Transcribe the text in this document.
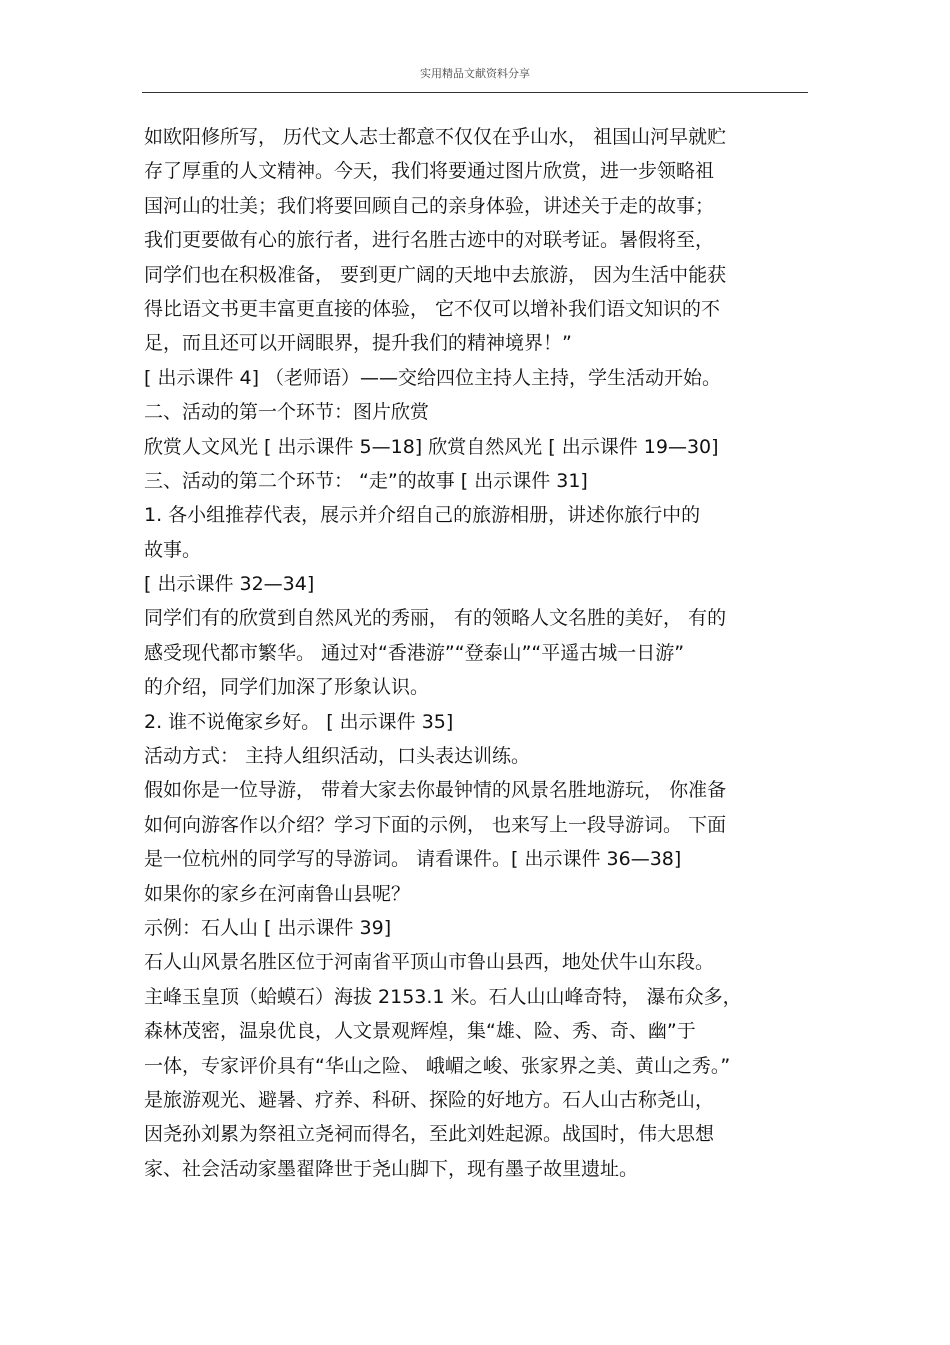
实用精品文献资料分享
如欧阳修所写， 历代文人志士都意不仅仅在乎山水， 祖国山河早就贮
存了厚重的人文精神。今天，我们将要通过图片欣赏，进一步领略祖
国河山的壮美；我们将要回顾自己的亲身体验，讲述关于走的故事；
我们更要做有心的旅行者，进行名胜古迹中的对联考证。暑假将至，
同学们也在积极准备， 要到更广阔的天地中去旅游， 因为生活中能获
得比语文书更丰富更直接的体验， 它不仅可以增补我们语文知识的不
足，而且还可以开阔眼界，提升我们的精神境界！”
[ 出示课件 4] （老师语）——交给四位主持人主持，学生活动开始。
二、活动的第一个环节：图片欣赏
欣赏人文风光 [ 出示课件 5—18] 欣赏自然风光 [ 出示课件 19—30]
三、活动的第二个环节： “走”的故事 [ 出示课件 31]
1. 各小组推荐代表，展示并介绍自己的旅游相册，讲述你旅行中的
故事。
[ 出示课件 32—34]
同学们有的欣赏到自然风光的秀丽， 有的领略人文名胜的美好， 有的
感受现代都市繁华。 通过对“香港游”“登泰山”“平遥古城一日游”
的介绍，同学们加深了形象认识。
2. 谁不说俺家乡好。 [ 出示课件 35]
活动方式： 主持人组织活动，口头表达训练。
假如你是一位导游， 带着大家去你最钟情的风景名胜地游玩， 你准备
如何向游客作以介绍？学习下面的示例， 也来写上一段导游词。 下面
是一位杭州的同学写的导游词。 请看课件。[ 出示课件 36—38]
如果你的家乡在河南鲁山县呢？
示例：石人山 [ 出示课件 39]
石人山风景名胜区位于河南省平顶山市鲁山县西，地处伏牛山东段。
主峰玉皇顶（蛤蟆石）海拔 2153.1 米。石人山山峰奇特， 瀑布众多，
森林茂密，温泉优良，人文景观辉煌，集“雄、险、秀、奇、幽”于
一体，专家评价具有“华山之险、 峨嵋之峻、张家界之美、黄山之秀。”
是旅游观光、避暑、疗养、科研、探险的好地方。石人山古称尧山，
因尧孙刘累为祭祖立尧祠而得名，至此刘姓起源。战国时，伟大思想
家、社会活动家墨翟降世于尧山脚下，现有墨子故里遗址。
